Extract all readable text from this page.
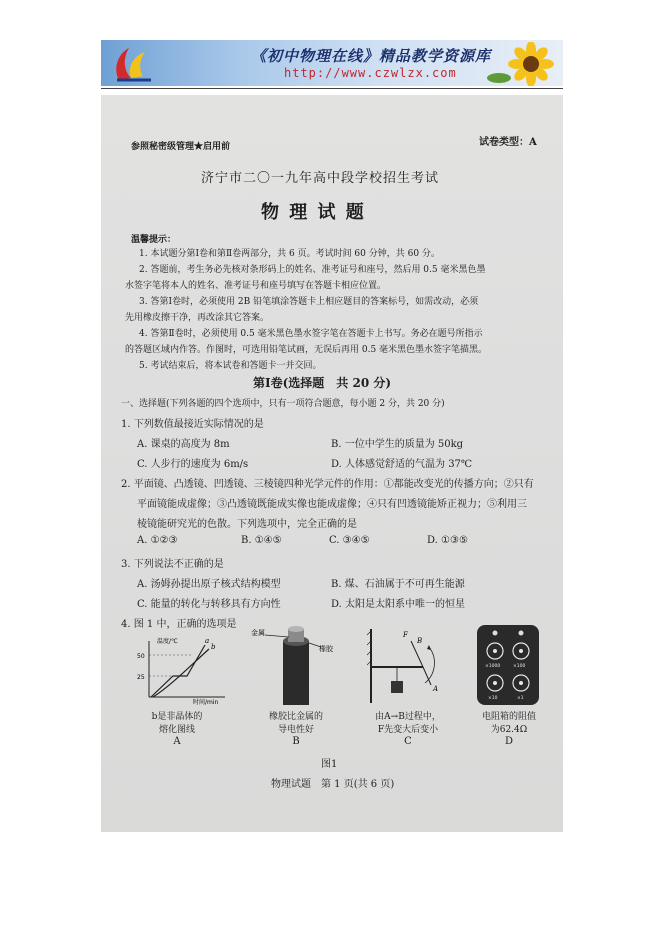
《初中物理在线》精品教学资源库
http://www.czwlzx.com
参照秘密级管理★启用前	试卷类型：A
济宁市二〇一九年高中段学校招生考试
物 理 试 题
温馨提示：
1. 本试题分第Ⅰ卷和第Ⅱ卷两部分，共 6 页。考试时间 60 分钟，共 60 分。
2. 答题前，考生务必先核对条形码上的姓名、准考证号和座号，然后用 0.5 毫米黑色墨
水签字笔将本人的姓名、准考证号和座号填写在答题卡相应位置。
3. 答第Ⅰ卷时，必须使用 2B 铅笔填涂答题卡上相应题目的答案标号，如需改动，必须
先用橡皮擦干净，再改涂其它答案。
4. 答第Ⅱ卷时，必须使用 0.5 毫米黑色墨水签字笔在答题卡上书写。务必在题号所指示
的答题区域内作答。作图时，可选用铅笔试画，无误后再用 0.5 毫米黑色墨水签字笔描黑。
5. 考试结束后，将本试卷和答题卡一并交回。
第Ⅰ卷(选择题　共 20 分)
一、选择题(下列各题的四个选项中，只有一项符合题意，每小题 2 分，共 20 分)
1. 下列数值最接近实际情况的是
A. 课桌的高度为 8m	B. 一位中学生的质量为 50kg
C. 人步行的速度为 6m/s	D. 人体感觉舒适的气温为 37℃
2. 平面镜、凸透镜、凹透镜、三棱镜四种光学元件的作用：①都能改变光的传播方向；②只有
平面镜能成虚像；③凸透镜既能成实像也能成虚像；④只有凹透镜能矫正视力；⑤利用三
棱镜能研究光的色散。下列选项中，完全正确的是
A. ①②③	B. ①④⑤	C. ③④⑤	D. ①③⑤
3. 下列说法不正确的是
A. 汤姆孙提出原子核式结构模型	B. 煤、石油属于不可再生能源
C. 能量的转化与转移具有方向性	D. 太阳是太阳系中唯一的恒星
4. 图 1 中，正确的选项是
温度/℃
时间/min
50
25
a
b
b是非晶体的
熔化图线
A
金属
橡胶
橡胶比金属的
导电性好
B
F
B
A
由A→B过程中，
F先变大后变小
C
×1000	×100
×10	×1
电阻箱的阻值
为62.4Ω
D
图1
物理试题　第 1 页(共 6 页)
